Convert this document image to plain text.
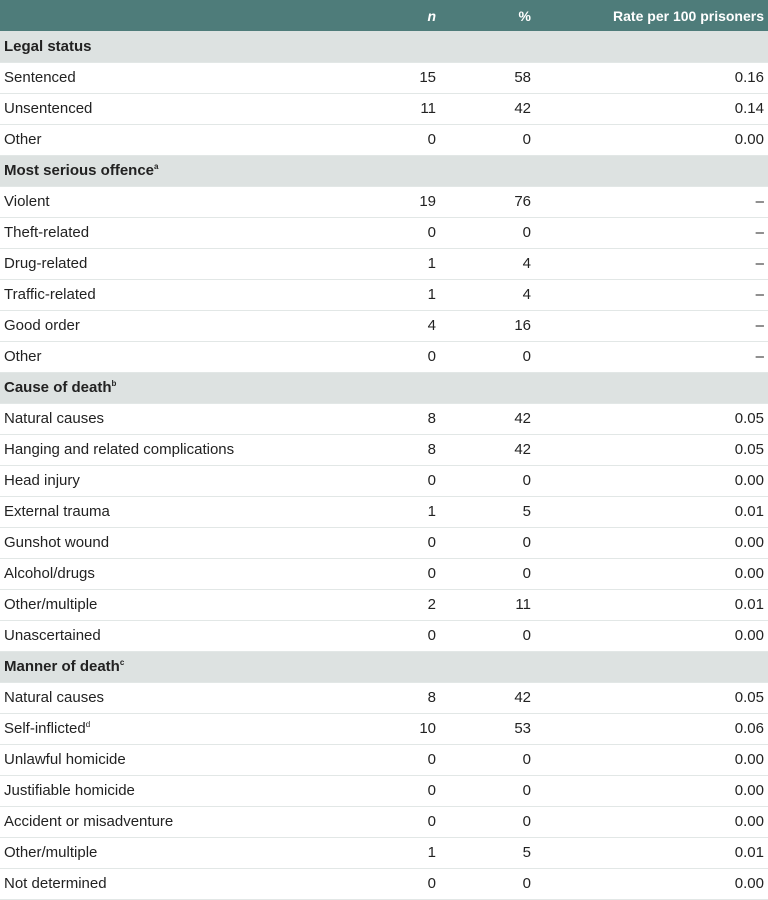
	n	%	Rate per 100 prisoners
Legal status			
Sentenced	15	58	0.16
Unsentenced	11	42	0.14
Other	0	0	0.00
Most serious offence$^a$
Violent	19	76	–
Theft-related	0	0	–
Drug-related	1	4	–
Traffic-related	1	4	–
Good order	4	16	–
Other	0	0	–
Cause of death$^b$
Natural causes	8	42	0.05
Hanging and related complications	8	42	0.05
Head injury	0	0	0.00
External trauma	1	5	0.01
Gunshot wound	0	0	0.00
Alcohol/drugs	0	0	0.00
Other/multiple	2	11	0.01
Unascertained	0	0	0.00
Manner of death$^c$
Natural causes	8	42	0.05
Self-inflicted$^d$	10	53	0.06
Unlawful homicide	0	0	0.00
Justifiable homicide	0	0	0.00
Accident or misadventure	0	0	0.00
Other/multiple	1	5	0.01
Not determined	0	0	0.00
